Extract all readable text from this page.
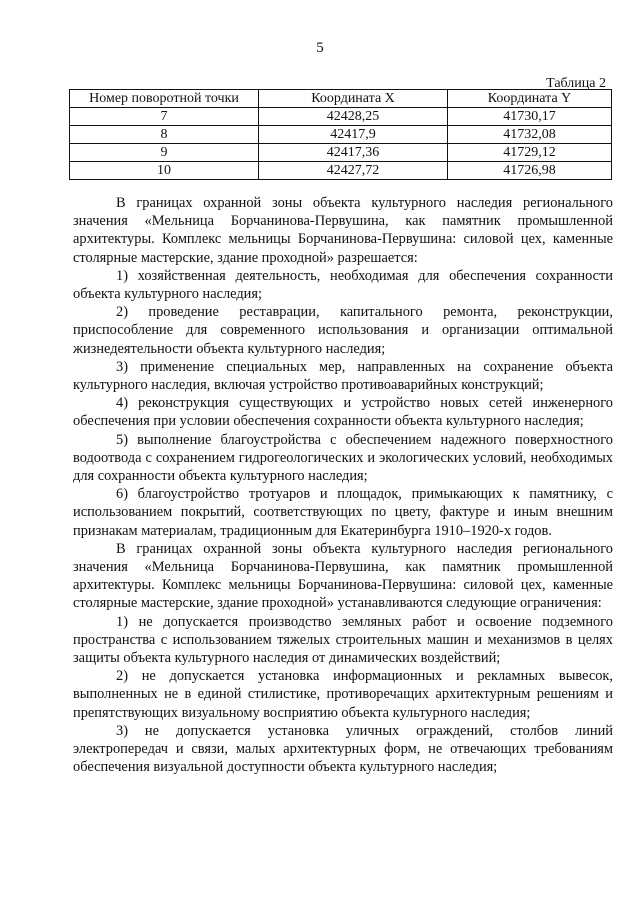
5
Таблица 2
Номер поворотной точки	Координата X	Координата Y
7	42428,25	41730,17
8	42417,9	41732,08
9	42417,36	41729,12
10	42427,72	41726,98

В границах охранной зоны объекта культурного наследия регионального значения «Мельница Борчанинова-Первушина, как памятник промышленной архитектуры. Комплекс мельницы Борчанинова-Первушина: силовой цех, каменные столярные мастерские, здание проходной» разрешается:

1) хозяйственная деятельность, необходимая для обеспечения сохранности объекта культурного наследия;

2) проведение реставрации, капитального ремонта, реконструкции, приспособление для современного использования и организации оптимальной жизнедеятельности объекта культурного наследия;

3) применение специальных мер, направленных на сохранение объекта культурного наследия, включая устройство противоаварийных конструкций;

4) реконструкция существующих и устройство новых сетей инженерного обеспечения при условии обеспечения сохранности объекта культурного наследия;

5) выполнение благоустройства с обеспечением надежного поверхностного водоотвода с сохранением гидрогеологических и экологических условий, необходимых для сохранности объекта культурного наследия;

6) благоустройство тротуаров и площадок, примыкающих к памятнику, с использованием покрытий, соответствующих по цвету, фактуре и иным внешним признакам материалам, традиционным для Екатеринбурга 1910–1920-х годов.

В границах охранной зоны объекта культурного наследия регионального значения «Мельница Борчанинова-Первушина, как памятник промышленной архитектуры. Комплекс мельницы Борчанинова-Первушина: силовой цех, каменные столярные мастерские, здание проходной» устанавливаются следующие ограничения:

1) не допускается производство земляных работ и освоение подземного пространства с использованием тяжелых строительных машин и механизмов в целях защиты объекта культурного наследия от динамических воздействий;

2) не допускается установка информационных и рекламных вывесок, выполненных не в единой стилистике, противоречащих архитектурным решениям и препятствующих визуальному восприятию объекта культурного наследия;

3) не допускается установка уличных ограждений, столбов линий электропередач и связи, малых архитектурных форм, не отвечающих требованиям обеспечения визуальной доступности объекта культурного наследия;
